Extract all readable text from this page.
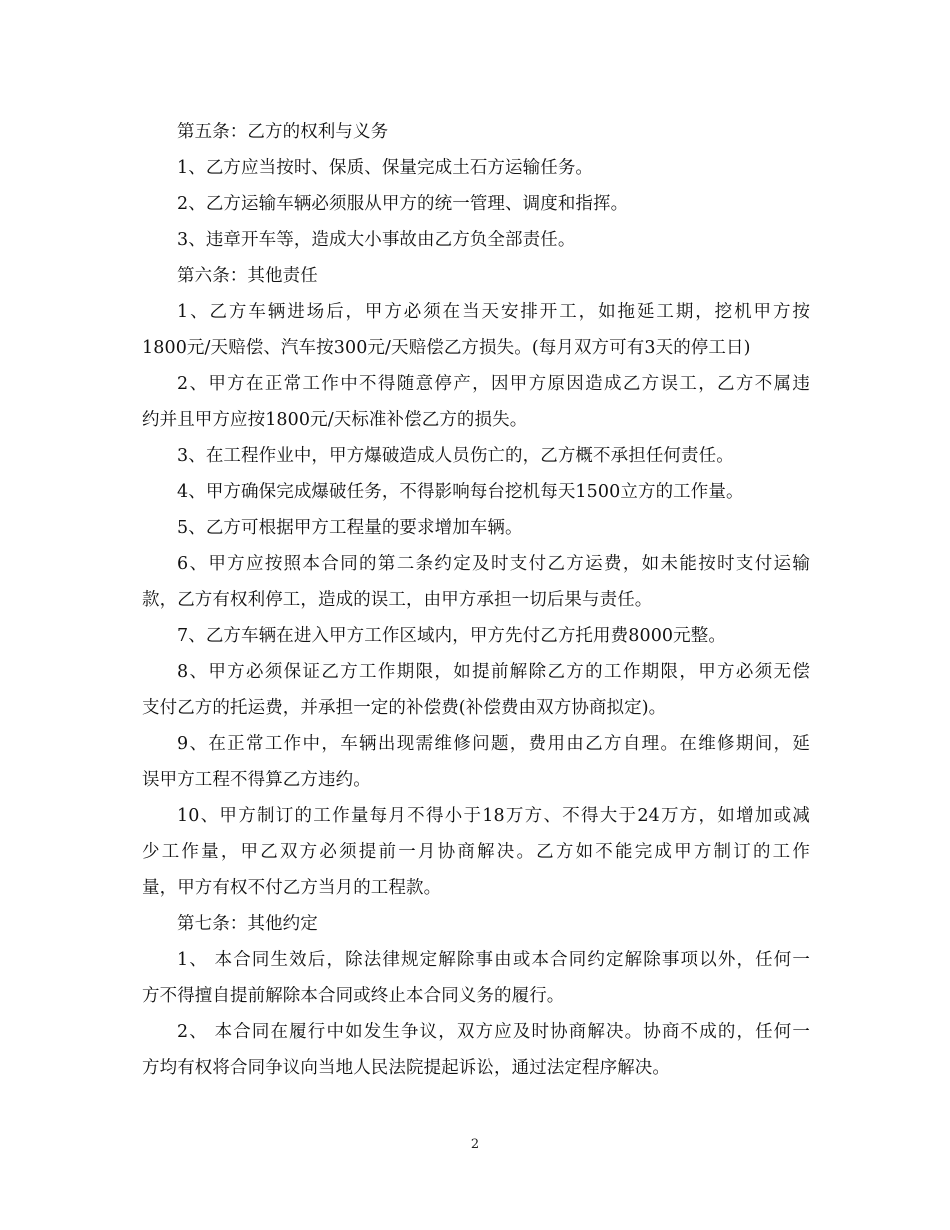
第五条：乙方的权利与义务
1、乙方应当按时、保质、保量完成土石方运输任务。
2、乙方运输车辆必须服从甲方的统一管理、调度和指挥。
3、违章开车等，造成大小事故由乙方负全部责任。
第六条：其他责任
1、乙方车辆进场后，甲方必须在当天安排开工，如拖延工期，挖机甲方按
1800元/天赔偿、汽车按300元/天赔偿乙方损失。(每月双方可有3天的停工日)
2、甲方在正常工作中不得随意停产，因甲方原因造成乙方误工，乙方不属违
约并且甲方应按1800元/天标准补偿乙方的损失。
3、在工程作业中，甲方爆破造成人员伤亡的，乙方概不承担任何责任。
4、甲方确保完成爆破任务，不得影响每台挖机每天1500立方的工作量。
5、乙方可根据甲方工程量的要求增加车辆。
6、甲方应按照本合同的第二条约定及时支付乙方运费，如未能按时支付运输
款，乙方有权利停工，造成的误工，由甲方承担一切后果与责任。
7、乙方车辆在进入甲方工作区域内，甲方先付乙方托用费8000元整。
8、甲方必须保证乙方工作期限，如提前解除乙方的工作期限，甲方必须无偿
支付乙方的托运费，并承担一定的补偿费(补偿费由双方协商拟定)。
9、在正常工作中，车辆出现需维修问题，费用由乙方自理。在维修期间，延
误甲方工程不得算乙方违约。
10、甲方制订的工作量每月不得小于18万方、不得大于24万方，如增加或减
少工作量，甲乙双方必须提前一月协商解决。乙方如不能完成甲方制订的工作
量，甲方有权不付乙方当月的工程款。
第七条：其他约定
1、 本合同生效后，除法律规定解除事由或本合同约定解除事项以外，任何一
方不得擅自提前解除本合同或终止本合同义务的履行。
2、 本合同在履行中如发生争议，双方应及时协商解决。协商不成的，任何一
方均有权将合同争议向当地人民法院提起诉讼，通过法定程序解决。
2
